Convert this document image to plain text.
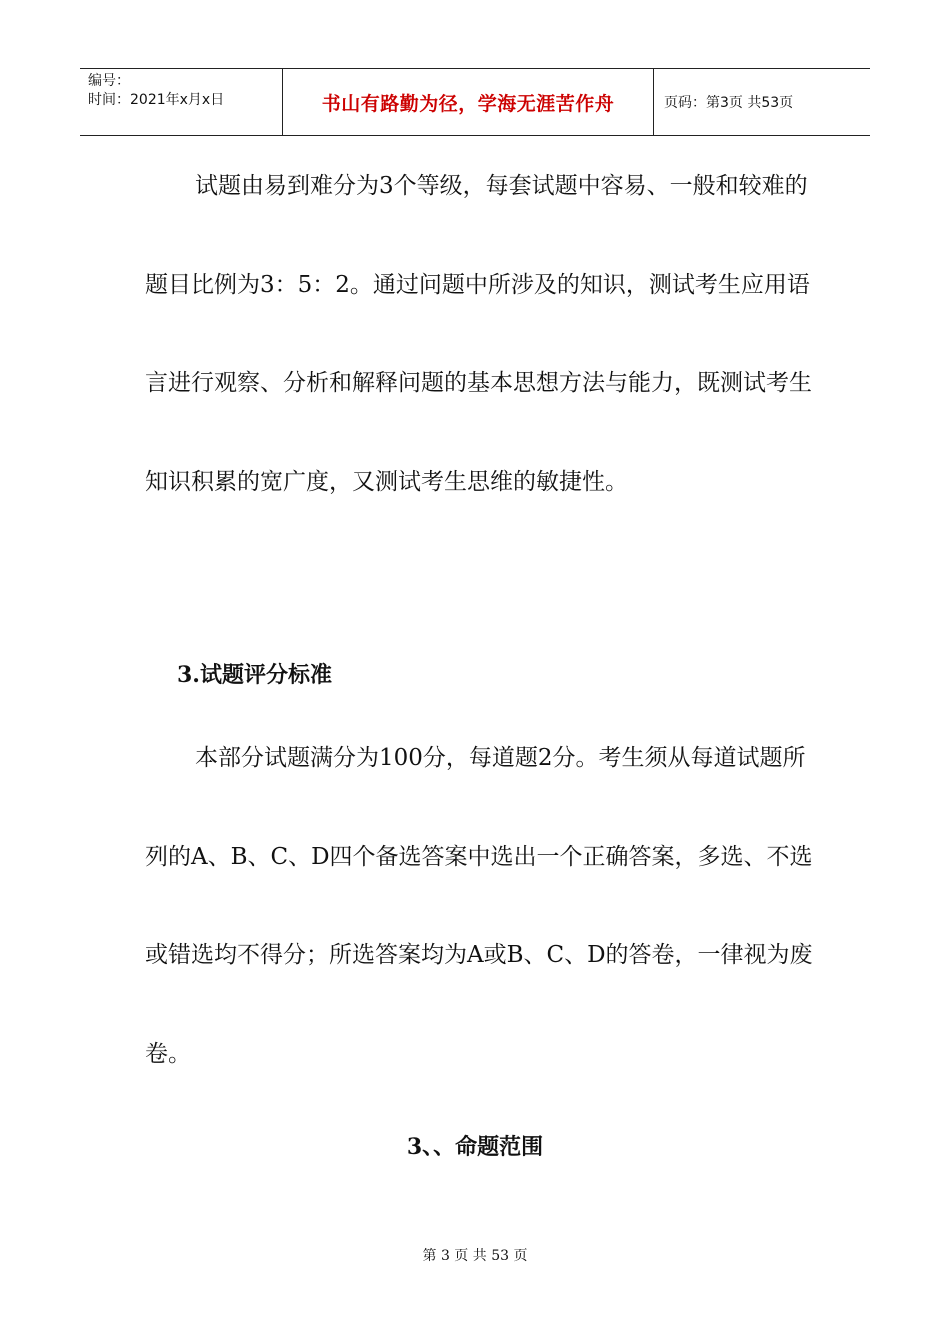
编号：
时间：2021年x月x日	书山有路勤为径，学海无涯苦作舟	页码：第3页 共53页

试题由易到难分为3个等级，每套试题中容易、一般和较难的题目比例为3：5：2。通过问题中所涉及的知识，测试考生应用语言进行观察、分析和解释问题的基本思想方法与能力，既测试考生知识积累的宽广度，又测试考生思维的敏捷性。

3.试题评分标准

本部分试题满分为100分，每道题2分。考生须从每道试题所列的A、B、C、D四个备选答案中选出一个正确答案，多选、不选或错选均不得分；所选答案均为A或B、C、D的答卷，一律视为废卷。

3、、命题范围
第 3 页 共 53 页
